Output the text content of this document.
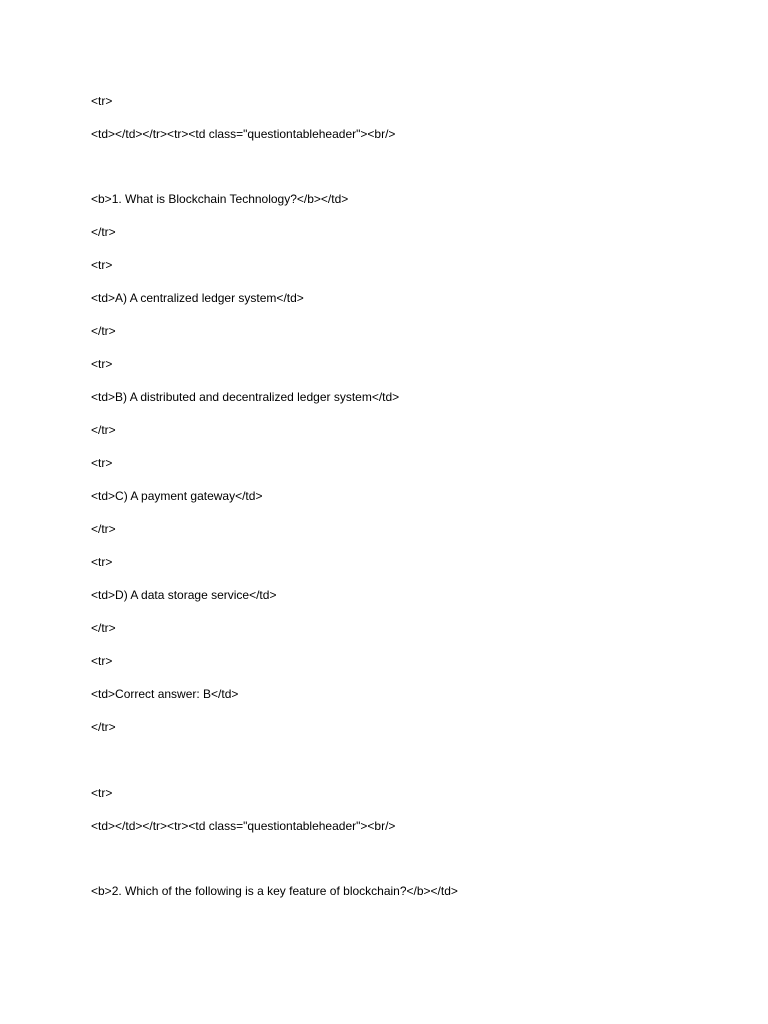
<tr>
<td></td></tr><tr><td class="questiontableheader"><br/>
<b>1. What is Blockchain Technology?</b></td>
</tr>
<tr>
<td>A) A centralized ledger system</td>
</tr>
<tr>
<td>B) A distributed and decentralized ledger system</td>
</tr>
<tr>
<td>C) A payment gateway</td>
</tr>
<tr>
<td>D) A data storage service</td>
</tr>
<tr>
<td>Correct answer: B</td>
</tr>
<tr>
<td></td></tr><tr><td class="questiontableheader"><br/>
<b>2. Which of the following is a key feature of blockchain?</b></td>
